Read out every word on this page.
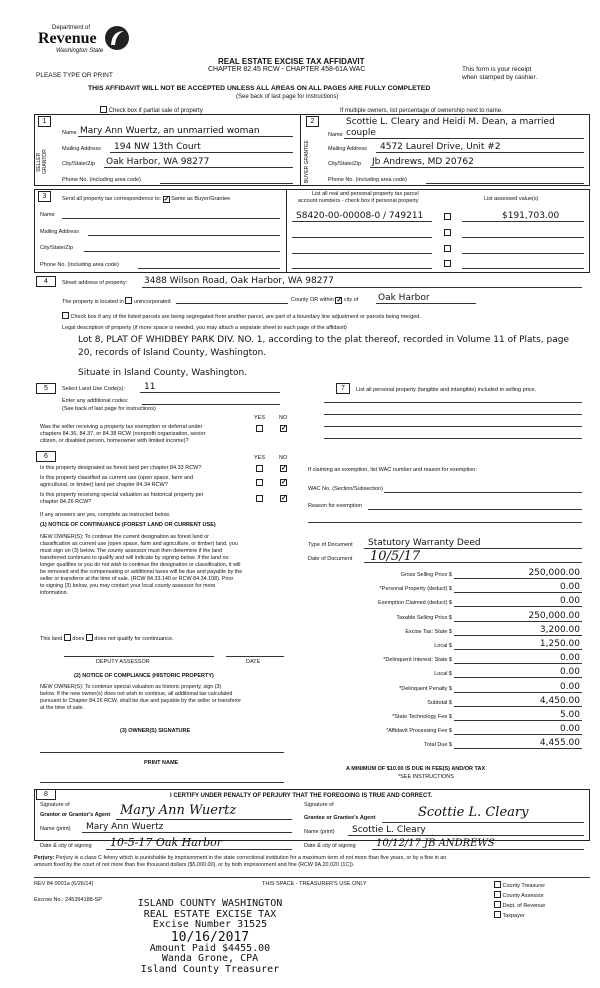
Department of
Revenue
Washington State
PLEASE TYPE OR PRINT
REAL ESTATE EXCISE TAX AFFIDAVIT
CHAPTER 82.45 RCW - CHAPTER 458-61A WAC	This form is your receipt
when stamped by cashier.
THIS AFFIDAVIT WILL NOT BE ACCEPTED UNLESS ALL AREAS ON ALL PAGES ARE FULLY COMPLETED
(See back of last page for instructions)
Check box if partial sale of property	If multiple owners, list percentage of ownership next to name.
1
SELLER GRANTOR
Name Mary Ann Wuertz, an unmarried woman
Mailing Address 194 NW 13th Court
City/State/Zip Oak Harbor, WA 98277
Phone No. (including area code)
2
BUYER GRANTEE
Scottie L. Cleary and Heidi M. Dean, a married
Name couple
Mailing Address 4572 Laurel Drive, Unit #2
City/State/Zip Jb Andrews, MD 20762
Phone No. (including area code)
3	Send all property tax correspondence to: ✓ Same as Buyer/Grantee
Name
Mailing Address
City/State/Zip
Phone No. (including area code)
List all real and personal property tax parcel
account numbers - check box if personal property	List assessed value(s)
S8420-00-00008-0 / 749211	$191,703.00
4	Street address of property: 3488 Wilson Road, Oak Harbor, WA 98277
The property is located in unincorporated	County OR within ✓ city of Oak Harbor
Check box if any of the listed parcels are being segregated from another parcel, are part of a boundary line adjustment or parcels being merged.
Legal description of property (if more space is needed, you may attach a separate sheet to each page of the affidavit)
Lot 8, PLAT OF WHIDBEY PARK DIV. NO. 1, according to the plat thereof, recorded in Volume 11 of Plats, page
20, records of Island County, Washington.
Situate in Island County, Washington.
5	Select Land Use Code(s): 11
Enter any additional codes:
(See back of last page for instructions)
YES	NO
Was the seller receiving a property tax exemption or deferral under
chapters 84.36, 84.37, or 84.38 RCW (nonprofit organization, senior
citizen, or disabled person, homeowner with limited income)?
✓
7	List all personal property (tangible and intangible) included in selling price.
6	YES	NO
Is this property designated as forest land per chapter 84.33 RCW?	✓
Is this property classified as current use (open space, farm and
agricultural, or timber) land per chapter 84.34 RCW?	✓
Is this property receiving special valuation as historical property per
chapter 84.26 RCW?	✓
If any answers are yes, complete as instructed below.
(1) NOTICE OF CONTINUANCE (FOREST LAND OR CURRENT USE)
NEW OWNER(S): To continue the current designation as forest land or
classification as current use (open space, farm and agriculture, or timber) land, you
must sign on (3) below. The county assessor must then determine if the land
transferred continues to qualify and will indicate by signing below. If the land no
longer qualifies or you do not wish to continue the designation or classification, it will
be removed and the compensating or additional taxes will be due and payable by the
seller or transferor at the time of sale. (RCW 84.33.140 or RCW 84.34.108). Prior
to signing (3) below, you may contact your local county assessor for more
information.
This land does does not qualify for continuance.
DEPUTY ASSESSOR	DATE
(2) NOTICE OF COMPLIANCE (HISTORIC PROPERTY)
NEW OWNER(S): To continue special valuation as historic property, sign (3)
below. If the new owner(s) does not wish to continue, all additional tax calculated
pursuant to Chapter 84.26 RCW, shall be due and payable by the seller or transferor
at the time of sale.
(3) OWNER(S) SIGNATURE
PRINT NAME
If claiming an exemption, list WAC number and reason for exemption:
WAC No. (Section/Subsection)
Reason for exemption
Type of Document Statutory Warranty Deed
Date of Document 10/5/17
Gross Selling Price $	250,000.00
*Personal Property (deduct) $	0.00
Exemption Claimed (deduct) $	0.00
Taxable Selling Price $	250,000.00
Excise Tax: State $	3,200.00
Local $	1,250.00
*Delinquent Interest: State $	0.00
Local $	0.00
*Delinquent Penalty $	0.00
Subtotal $	4,450.00
*State Technology Fee $	5.00
*Affidavit Processing Fee $	0.00
Total Due $	4,455.00
A MINIMUM OF $10.00 IS DUE IN FEE(S) AND/OR TAX
*SEE INSTRUCTIONS
8	I CERTIFY UNDER PENALTY OF PERJURY THAT THE FOREGOING IS TRUE AND CORRECT.
Signature of
Grantor or Grantor's Agent Mary Ann Wuertz
Name (print) Mary Ann Wuertz
Date & city of signing 10-5-17 Oak Harbor
Signature of
Grantee or Grantee's Agent	Scottie L. Cleary
Name (print) Scottie L. Cleary
Date & city of signing 10/12/17 JB ANDREWS
Perjury: Perjury is a class C felony which is punishable by imprisonment in the state correctional institution for a maximum term of not more than five years, or by a fine in an
amount fixed by the court of not more than five thousand dollars ($5,000.00), or by both imprisonment and fine (RCW 9A.20.020 (1C)).
REV 84 0001a (6/26/14)	THIS SPACE - TREASURER'S USE ONLY
Escrow No.: 245394188-SP
County Treasurer
County Assessor
Dept. of Revenue
Taxpayer
ISLAND COUNTY WASHINGTON
REAL ESTATE EXCISE TAX
Excise Number 31525
10/16/2017
Amount Paid $4455.00
Wanda Grone, CPA
Island County Treasurer
